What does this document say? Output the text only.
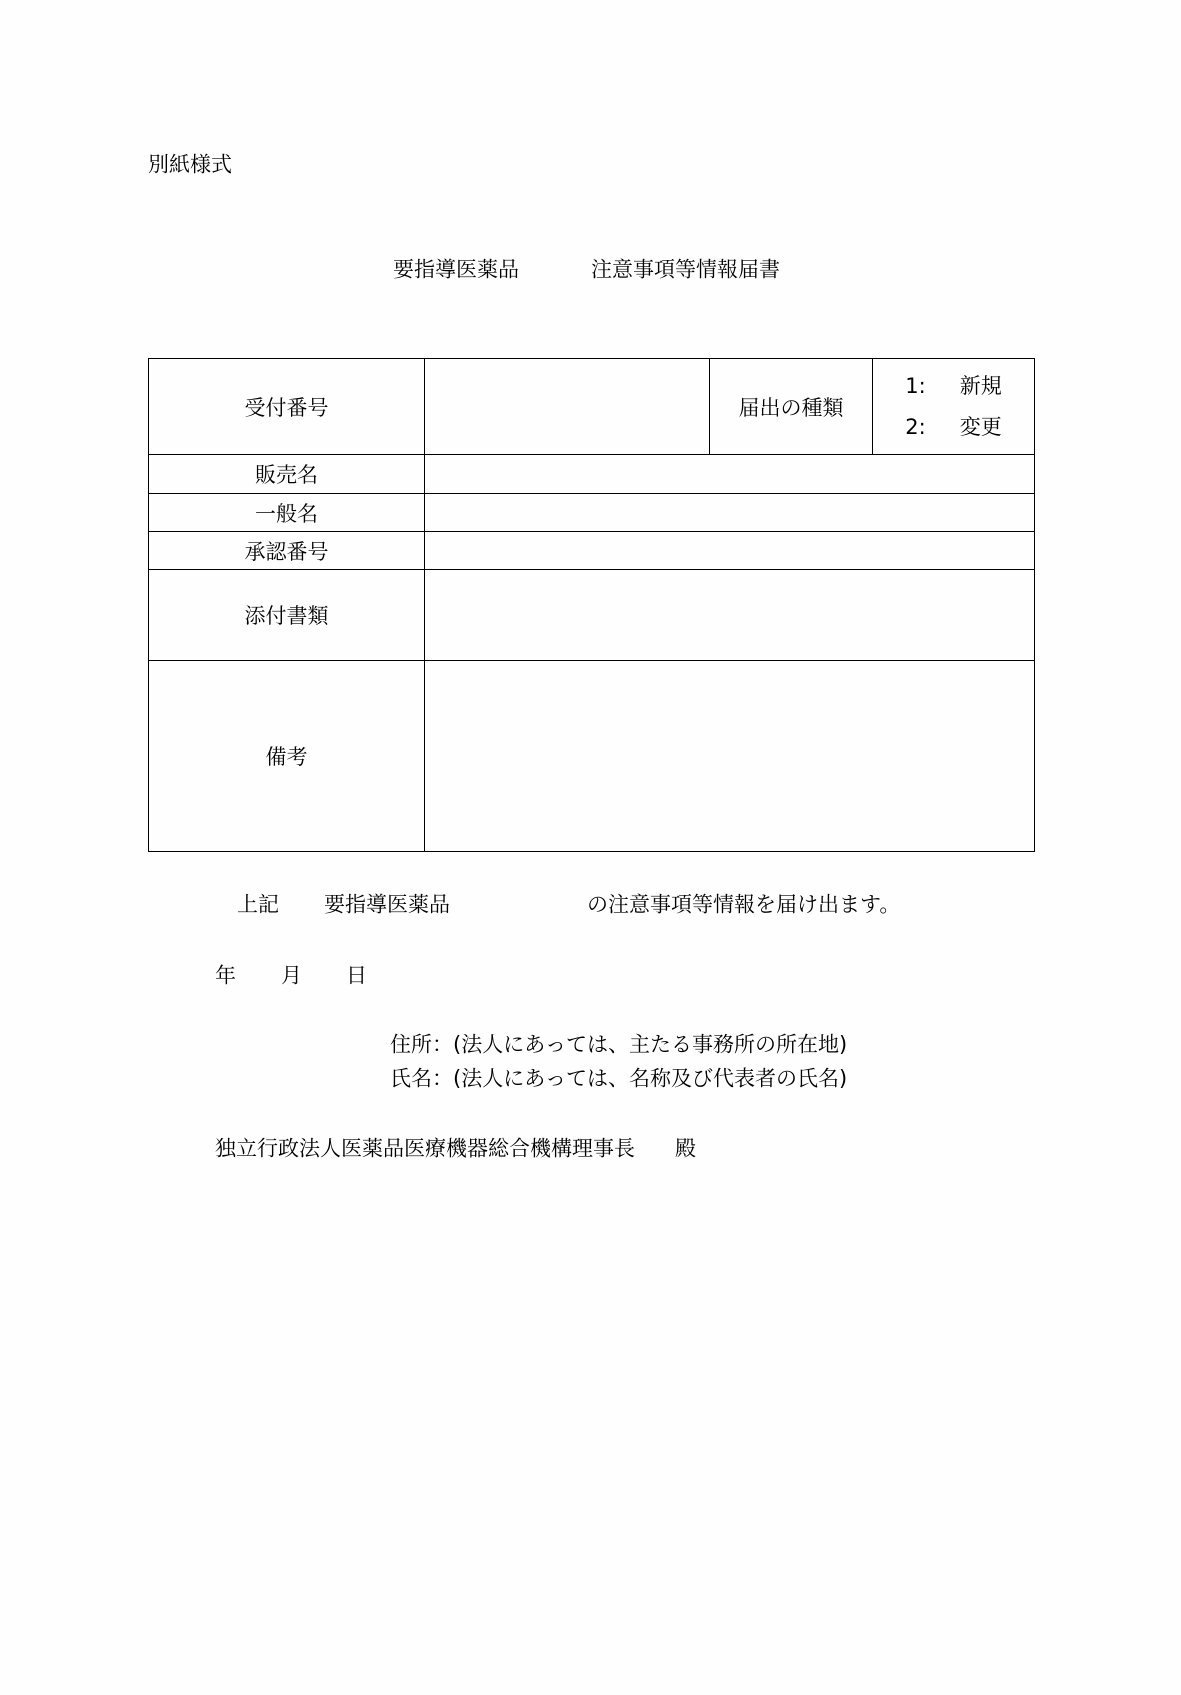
別紙様式
要指導医薬品	注意事項等情報届書
受付番号		届出の種類	1: 新規
2: 変更

販売名			
一般名			
承認番号			
添付書類			
備考			
上記 要指導医薬品	の注意事項等情報を届け出ます。
年 月 日
住所：(法人にあっては、主たる事務所の所在地)
氏名：(法人にあっては、名称及び代表者の氏名)
独立行政法人医薬品医療機器総合機構理事長 殿
